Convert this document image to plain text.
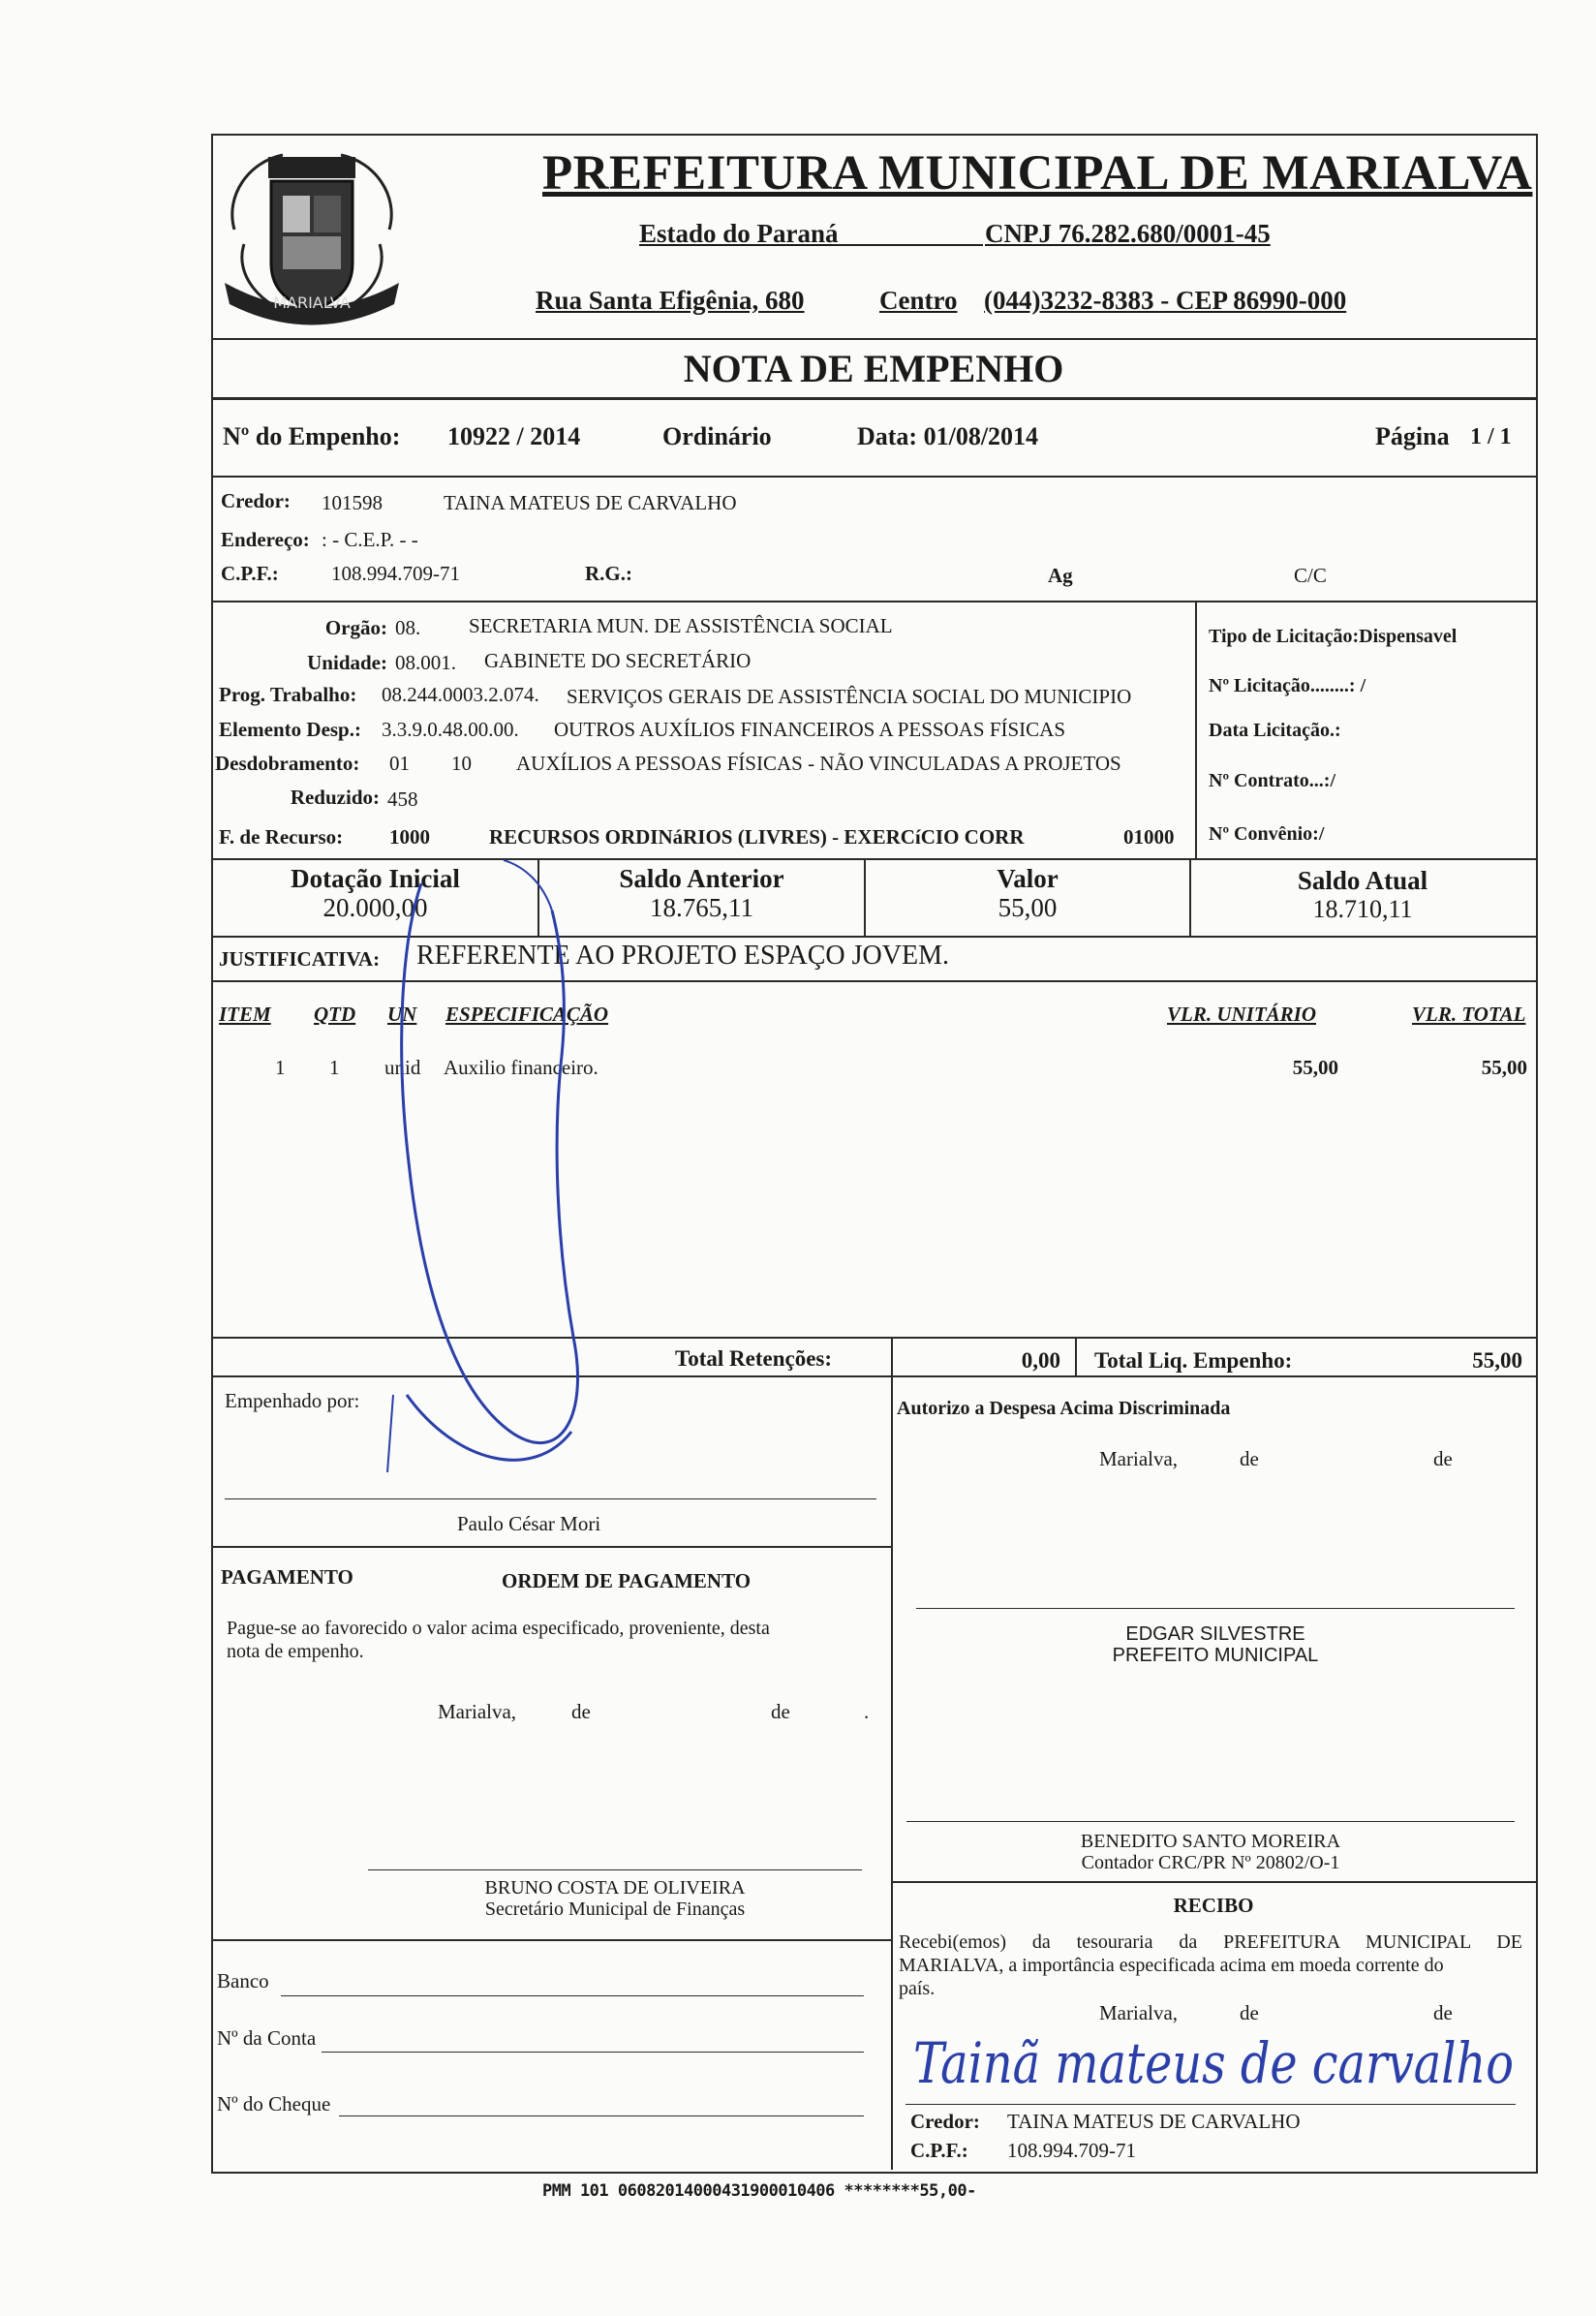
MARIALVA
PREFEITURA MUNICIPAL DE MARIALVA
Estado do Paraná	CNPJ 76.282.680/0001-45
Rua Santa Efigênia, 680	Centro (044)3232-8383 - CEP 86990-000
NOTA DE EMPENHO
Nº do Empenho: 10922 / 2014	Ordinário	Data: 01/08/2014	Página 1 / 1
Credor: 101598	TAINA MATEUS DE CARVALHO
Endereço: : - C.E.P. - -
C.P.F.:	108.994.709-71	R.G.:	Ag	C/C
Orgão: 08. SECRETARIA MUN. DE ASSISTÊNCIA SOCIAL
Unidade: 08.001. GABINETE DO SECRETÁRIO
Prog. Trabalho: 08.244.0003.2.074. SERVIÇOS GERAIS DE ASSISTÊNCIA SOCIAL DO MUNICIPIO
Elemento Desp.: 3.3.9.0.48.00.00. OUTROS AUXÍLIOS FINANCEIROS A PESSOAS FÍSICAS
Desdobramento: 01 10 AUXÍLIOS A PESSOAS FÍSICAS - NÃO VINCULADAS A PROJETOS
Reduzido: 458
F. de Recurso: 1000	RECURSOS ORDINáRIOS (LIVRES) - EXERCíCIO CORR	01000
Tipo de Licitação:Dispensavel
Nº Licitação........: /
Data Licitação.:
Nº Contrato...:/
Nº Convênio:/
Dotação Inicial
20.000,00
Saldo Anterior
18.765,11
Valor
55,00
Saldo Atual
18.710,11
JUSTIFICATIVA: REFERENTE AO PROJETO ESPAÇO JOVEM.
ITEM QTD UN ESPECIFICAÇÃO	VLR. UNITÁRIO	VLR. TOTAL
1 1 unid Auxilio financeiro.	55,00	55,00
Total Retenções:	0,00 Total Liq. Empenho:	55,00
Empenhado por:
Paulo César Mori
Autorizo a Despesa Acima Discriminada
Marialva,	de	de
PAGAMENTO	ORDEM DE PAGAMENTO
Pague-se ao favorecido o valor acima especificado, proveniente, desta
nota de empenho.
Marialva,	de	de	.
EDGAR SILVESTRE
PREFEITO MUNICIPAL
BENEDITO SANTO MOREIRA
Contador CRC/PR Nº 20802/O-1
BRUNO COSTA DE OLIVEIRA
Secretário Municipal de Finanças	RECIBO
Recebi(emos) da tesouraria da PREFEITURA MUNICIPAL DE
MARIALVA, a importância especificada acima em moeda corrente do
país.
Marialva,	de	de
Banco
Nº da Conta
Nº do Cheque
Tainã mateus de carvalho
Credor: TAINA MATEUS DE CARVALHO
C.P.F.: 108.994.709-71
PMM 101 06082014000431900010406 ********55,00-
